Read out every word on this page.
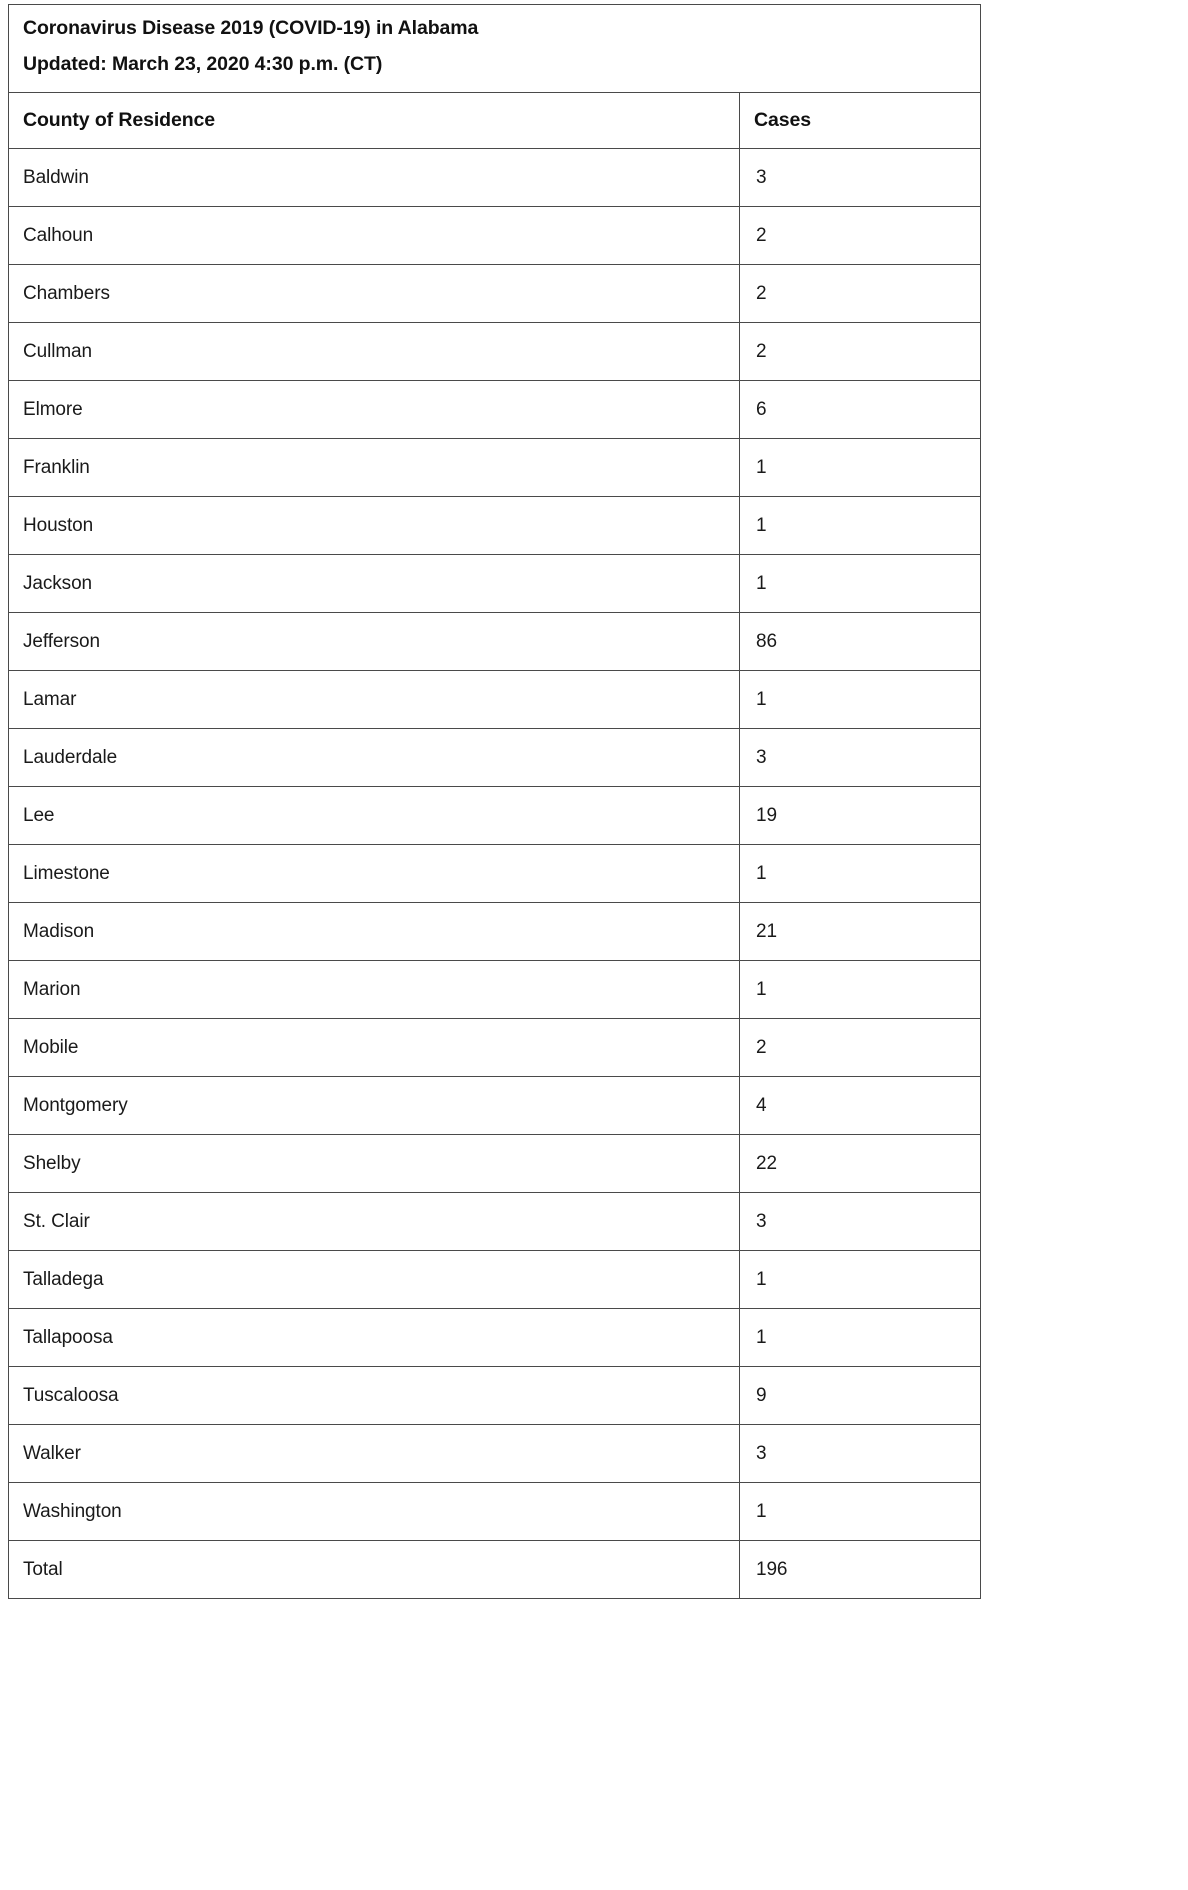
Coronavirus Disease 2019 (COVID-19) in Alabama
Updated: March 23, 2020 4:30 p.m. (CT)	

County of Residence	Cases
Baldwin	3
Calhoun	2
Chambers	2
Cullman	2
Elmore	6
Franklin	1
Houston	1
Jackson	1
Jefferson	86
Lamar	1
Lauderdale	3
Lee	19
Limestone	1
Madison	21
Marion	1
Mobile	2
Montgomery	4
Shelby	22
St. Clair	3
Talladega	1
Tallapoosa	1
Tuscaloosa	9
Walker	3
Washington	1
Total	196
